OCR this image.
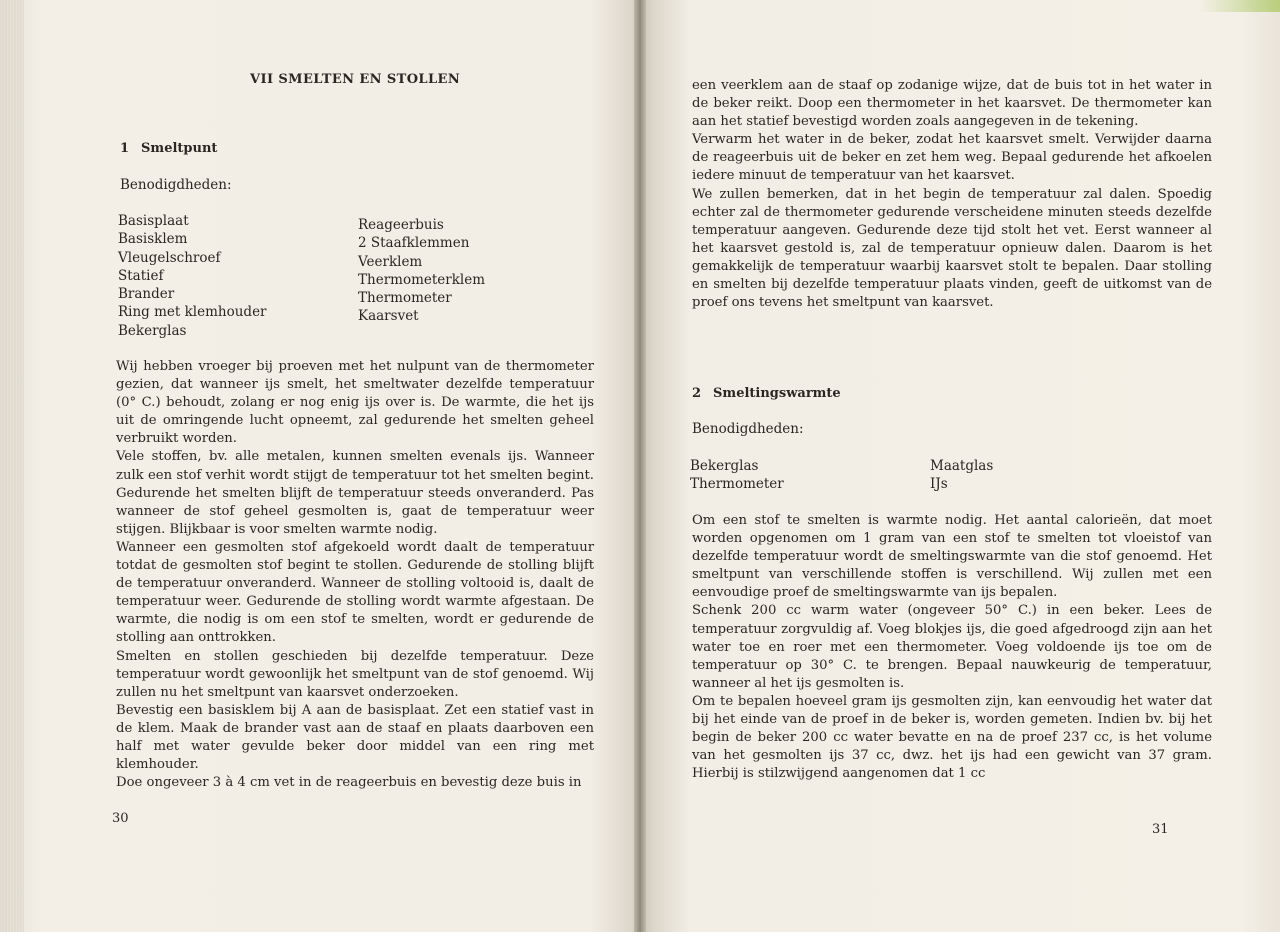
VII SMELTEN EN STOLLEN
1 Smeltpunt
Benodigdheden:
Basisplaat
Basisklem
Vleugelschroef
Statief
Brander
Ring met klemhouder
Bekerglas
Reageerbuis
2 Staafklemmen
Veerklem
Thermometerklem
Thermometer
Kaarsvet

Wij hebben vroeger bij proeven met het nulpunt van de thermometer gezien, dat wanneer ijs smelt, het smeltwater dezelfde temperatuur (0° C.) behoudt, zolang er nog enig ijs over is. De warmte, die het ijs uit de omringende lucht opneemt, zal gedurende het smelten geheel verbruikt worden.

Vele stoffen, bv. alle metalen, kunnen smelten evenals ijs. Wanneer zulk een stof verhit wordt stijgt de temperatuur tot het smelten begint. Gedurende het smelten blijft de temperatuur steeds onveranderd. Pas wanneer de stof geheel gesmolten is, gaat de temperatuur weer stijgen. Blijkbaar is voor smelten warmte nodig.

Wanneer een gesmolten stof afgekoeld wordt daalt de temperatuur totdat de gesmolten stof begint te stollen. Gedurende de stolling blijft de temperatuur onveranderd. Wanneer de stolling voltooid is, daalt de temperatuur weer. Gedurende de stolling wordt warmte afgestaan. De warmte, die nodig is om een stof te smelten, wordt er gedurende de stolling aan onttrokken.

Smelten en stollen geschieden bij dezelfde temperatuur. Deze temperatuur wordt gewoonlijk het smeltpunt van de stof genoemd. Wij zullen nu het smeltpunt van kaarsvet onderzoeken.

Bevestig een basisklem bij A aan de basisplaat. Zet een statief vast in de klem. Maak de brander vast aan de staaf en plaats daarboven een half met water gevulde beker door middel van een ring met klemhouder.

Doe ongeveer 3 à 4 cm vet in de reageerbuis en bevestig deze buis in

30

een veerklem aan de staaf op zodanige wijze, dat de buis tot in het water in de beker reikt. Doop een thermometer in het kaarsvet. De thermometer kan aan het statief bevestigd worden zoals aangegeven in de tekening.

Verwarm het water in de beker, zodat het kaarsvet smelt. Verwijder daarna de reageerbuis uit de beker en zet hem weg. Bepaal gedurende het afkoelen iedere minuut de temperatuur van het kaarsvet.

We zullen bemerken, dat in het begin de temperatuur zal dalen. Spoedig echter zal de thermometer gedurende verscheidene minuten steeds dezelfde temperatuur aangeven. Gedurende deze tijd stolt het vet. Eerst wanneer al het kaarsvet gestold is, zal de temperatuur opnieuw dalen. Daarom is het gemakkelijk de temperatuur waarbij kaarsvet stolt te bepalen. Daar stolling en smelten bij dezelfde temperatuur plaats vinden, geeft de uitkomst van de proef ons tevens het smeltpunt van kaarsvet.

2 Smeltingswarmte
Benodigdheden:
Bekerglas
Thermometer
Maatglas
IJs

Om een stof te smelten is warmte nodig. Het aantal calorieën, dat moet worden opgenomen om 1 gram van een stof te smelten tot vloeistof van dezelfde temperatuur wordt de smeltingswarmte van die stof genoemd. Het smeltpunt van verschillende stoffen is verschillend. Wij zullen met een eenvoudige proef de smeltingswarmte van ijs bepalen.

Schenk 200 cc warm water (ongeveer 50° C.) in een beker. Lees de temperatuur zorgvuldig af. Voeg blokjes ijs, die goed afgedroogd zijn aan het water toe en roer met een thermometer. Voeg voldoende ijs toe om de temperatuur op 30° C. te brengen. Bepaal nauwkeurig de temperatuur, wanneer al het ijs gesmolten is.

Om te bepalen hoeveel gram ijs gesmolten zijn, kan eenvoudig het water dat bij het einde van de proef in de beker is, worden gemeten. Indien bv. bij het begin de beker 200 cc water bevatte en na de proef 237 cc, is het volume van het gesmolten ijs 37 cc, dwz. het ijs had een gewicht van 37 gram. Hierbij is stilzwijgend aangenomen dat 1 cc

31
